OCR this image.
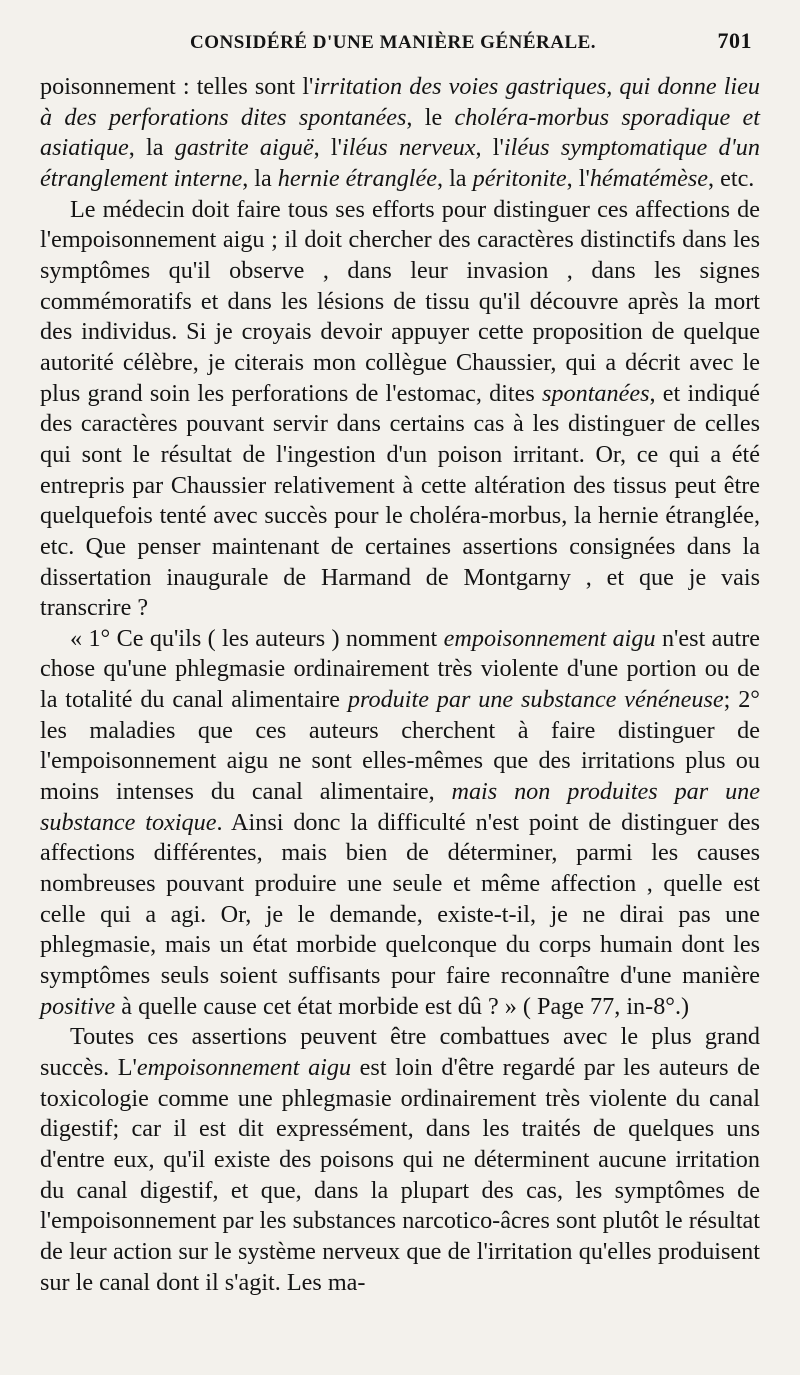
CONSIDÉRÉ D'UNE MANIÈRE GÉNÉRALE.	701

poisonnement : telles sont l'irritation des voies gastriques, qui donne lieu à des perforations dites spontanées, le choléra-morbus sporadique et asiatique, la gastrite aiguë, l'iléus nerveux, l'iléus symptomatique d'un étranglement interne, la hernie étranglée, la péritonite, l'hématémèse, etc.

Le médecin doit faire tous ses efforts pour distinguer ces affections de l'empoisonnement aigu ; il doit chercher des caractères distinctifs dans les symptômes qu'il observe , dans leur invasion , dans les signes commémoratifs et dans les lésions de tissu qu'il découvre après la mort des individus. Si je croyais devoir appuyer cette proposition de quelque autorité célèbre, je citerais mon collègue Chaussier, qui a décrit avec le plus grand soin les perforations de l'estomac, dites spontanées, et indiqué des caractères pouvant servir dans certains cas à les distinguer de celles qui sont le résultat de l'ingestion d'un poison irritant. Or, ce qui a été entrepris par Chaussier relativement à cette altération des tissus peut être quelquefois tenté avec succès pour le choléra-morbus, la hernie étranglée, etc. Que penser maintenant de certaines assertions consignées dans la dissertation inaugurale de Harmand de Montgarny , et que je vais transcrire ?

« 1° Ce qu'ils ( les auteurs ) nomment empoisonnement aigu n'est autre chose qu'une phlegmasie ordinairement très violente d'une portion ou de la totalité du canal alimentaire produite par une substance vénéneuse; 2° les maladies que ces auteurs cherchent à faire distinguer de l'empoisonnement aigu ne sont elles-mêmes que des irritations plus ou moins intenses du canal alimentaire, mais non produites par une substance toxique. Ainsi donc la difficulté n'est point de distinguer des affections différentes, mais bien de déterminer, parmi les causes nombreuses pouvant produire une seule et même affection , quelle est celle qui a agi. Or, je le demande, existe-t-il, je ne dirai pas une phlegmasie, mais un état morbide quelconque du corps humain dont les symptômes seuls soient suffisants pour faire reconnaître d'une manière positive à quelle cause cet état morbide est dû ? » ( Page 77, in-8°.)

Toutes ces assertions peuvent être combattues avec le plus grand succès. L'empoisonnement aigu est loin d'être regardé par les auteurs de toxicologie comme une phlegmasie ordinairement très violente du canal digestif; car il est dit expressément, dans les traités de quelques uns d'entre eux, qu'il existe des poisons qui ne déterminent aucune irritation du canal digestif, et que, dans la plupart des cas, les symptômes de l'empoisonnement par les substances narcotico-âcres sont plutôt le résultat de leur action sur le système nerveux que de l'irritation qu'elles produisent sur le canal dont il s'agit. Les ma-
